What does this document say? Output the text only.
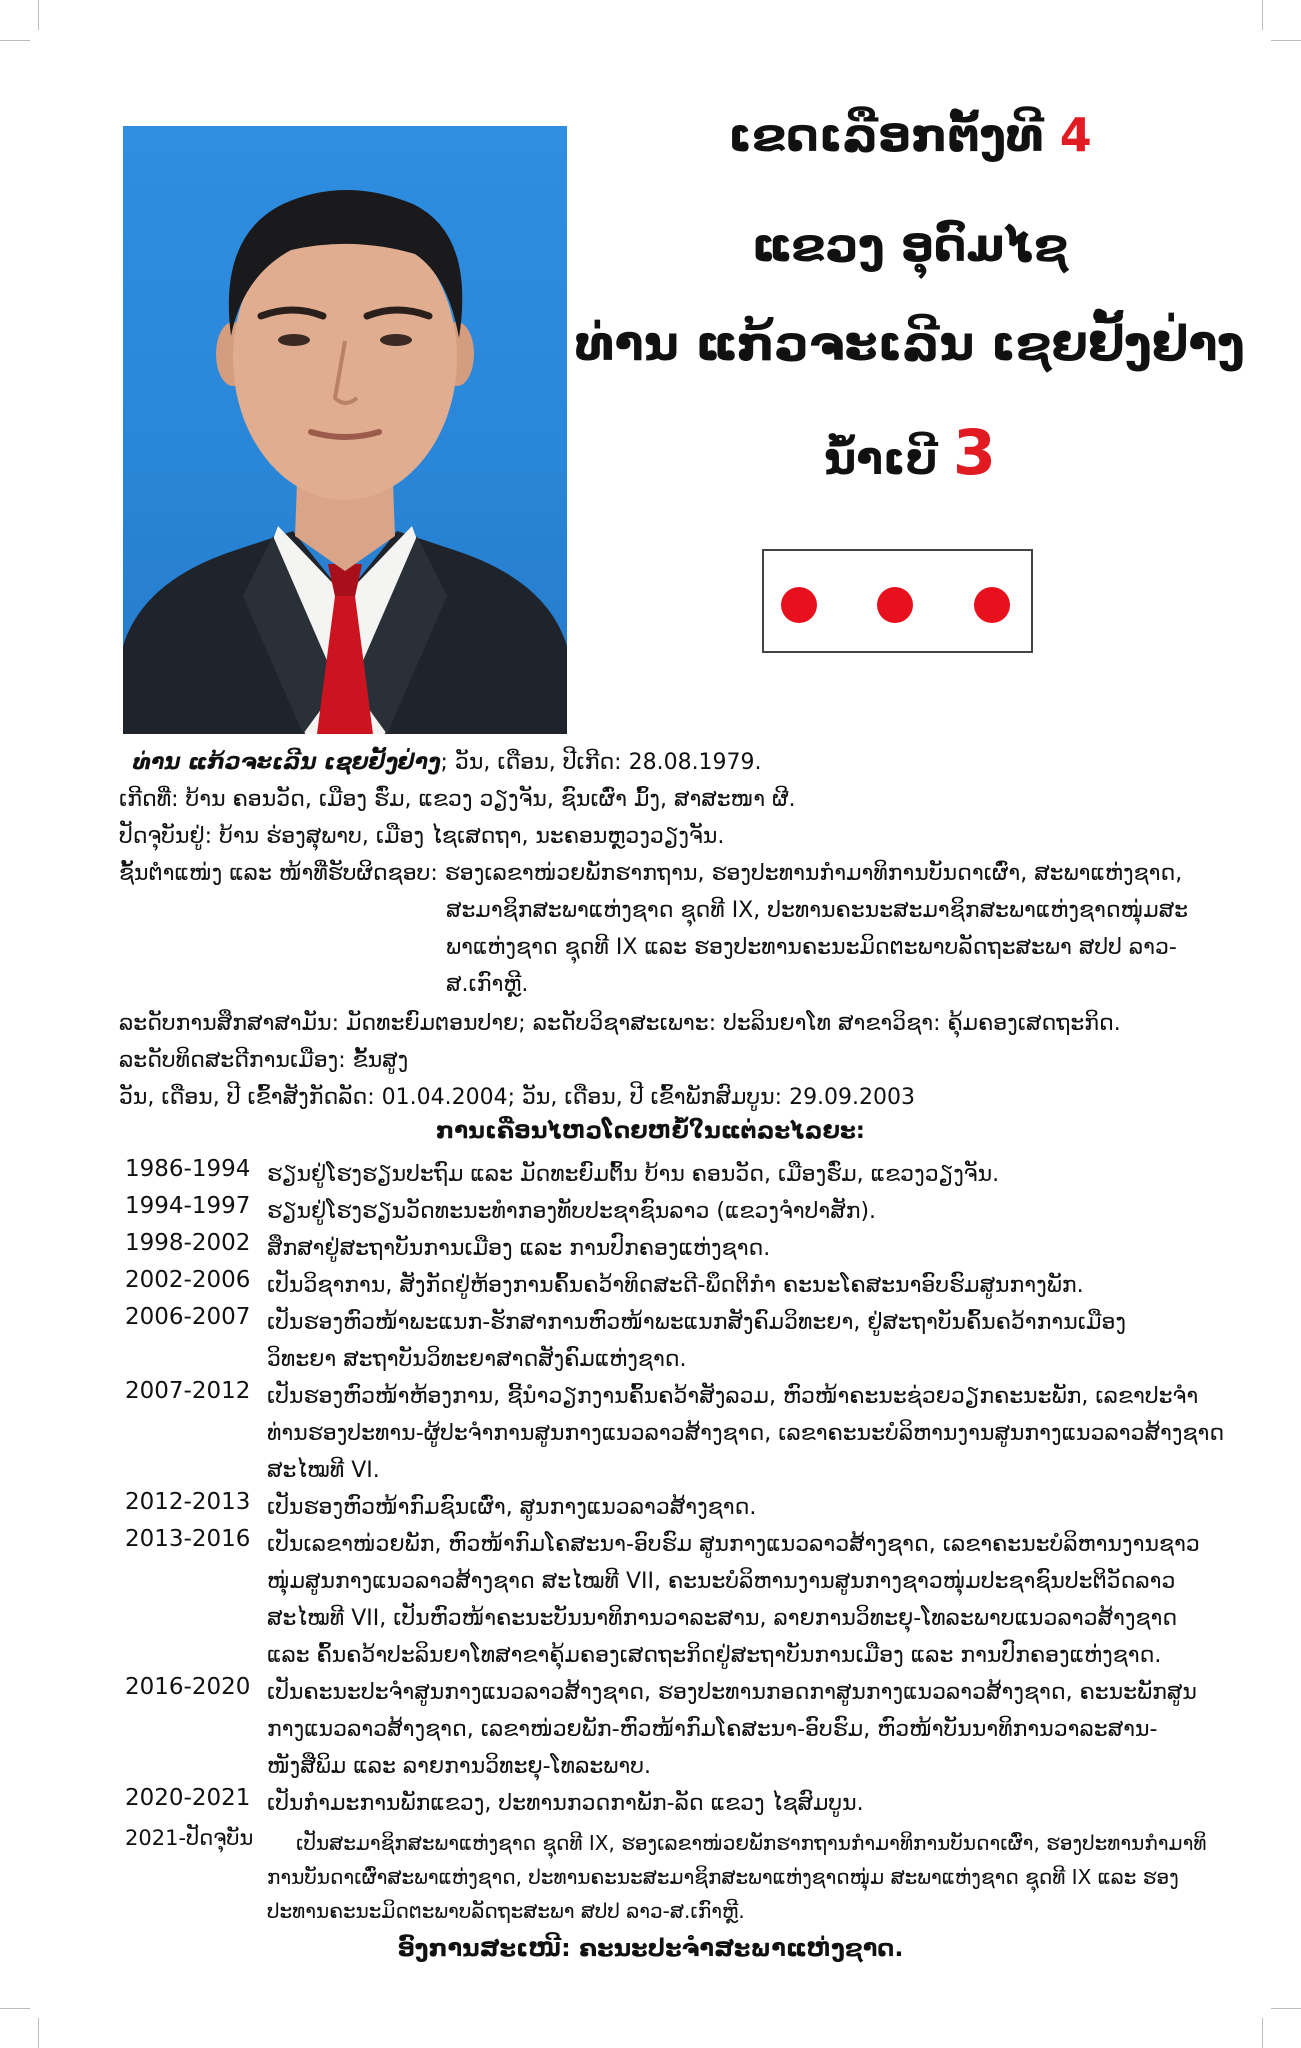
ເຂດເລືອກຕັ້ງທີ 4
ແຂວງ ອຸດົມໄຊ
ທ່ານ ແກ້ວຈະເລີນ ເຊຍຢັ້ງຢ່າງ
ນ້ຳເບີ 3
ທ່ານ ແກ້ວຈະເລີນ ເຊຍຢັ້ງຢ່າງ; ວັນ, ເດືອນ, ປີເກີດ: 28.08.1979.
ເກີດທີ່: ບ້ານ ຄອນວັດ, ເມືອງ ຮົ່ມ, ແຂວງ ວຽງຈັນ, ຊົນເຜົ່າ ມົ້ງ, ສາສະໜາ ຜີ.
ປັດຈຸບັນຢູ່: ບ້ານ ຮ່ອງສຸພາບ, ເມືອງ ໄຊເສດຖາ, ນະຄອນຫຼວງວຽງຈັນ.
ຊັ້ນຕຳແໜ່ງ ແລະ ໜ້າທີ່ຮັບຜິດຊອບ: ຮອງເລຂາໜ່ວຍພັກຮາກຖານ, ຮອງປະທານກຳມາທິການບັນດາເຜົ່າ, ສະພາແຫ່ງຊາດ,
ສະມາຊິກສະພາແຫ່ງຊາດ ຊຸດທີ IX, ປະທານຄະນະສະມາຊິກສະພາແຫ່ງຊາດໜຸ່ມສະ
ພາແຫ່ງຊາດ ຊຸດທີ IX ແລະ ຮອງປະທານຄະນະມິດຕະພາບລັດຖະສະພາ ສປປ ລາວ-
ສ.ເກົາຫຼີ.
ລະດັບການສຶກສາສາມັນ: ມັດທະຍົມຕອນປາຍ; ລະດັບວິຊາສະເພາະ: ປະລິນຍາໂທ ສາຂາວິຊາ: ຄຸ້ມຄອງເສດຖະກິດ.
ລະດັບທິດສະດີການເມືອງ: ຂັ້ນສູງ
ວັນ, ເດືອນ, ປີ ເຂົ້າສັງກັດລັດ: 01.04.2004; ວັນ, ເດືອນ, ປີ ເຂົ້າພັກສົມບູນ: 29.09.2003
ການເຄື່ອນໄຫວໂດຍຫຍໍ້ໃນແຕ່ລະໄລຍະ:
1986-1994 ຮຽນຢູ່ໂຮງຮຽນປະຖົມ ແລະ ມັດທະຍົມຕົ້ນ ບ້ານ ຄອນວັດ, ເມືອງຮົ່ມ, ແຂວງວຽງຈັນ.
1994-1997 ຮຽນຢູ່ໂຮງຮຽນວັດທະນະທຳກອງທັບປະຊາຊົນລາວ (ແຂວງຈຳປາສັກ).
1998-2002 ສຶກສາຢູ່ສະຖາບັນການເມືອງ ແລະ ການປົກຄອງແຫ່ງຊາດ.
2002-2006 ເປັນວິຊາການ, ສັງກັດຢູ່ຫ້ອງການຄົ້ນຄວ້າທິດສະດີ-ພຶດຕິກຳ ຄະນະໂຄສະນາອົບຮົມສູນກາງພັກ.
2006-2007 ເປັນຮອງຫົວໜ້າພະແນກ-ຮັກສາການຫົວໜ້າພະແນກສັງຄົມວິທະຍາ, ຢູ່ສະຖາບັນຄົ້ນຄວ້າການເມືອງ
ວິທະຍາ ສະຖາບັນວິທະຍາສາດສັງຄົມແຫ່ງຊາດ.
2007-2012 ເປັນຮອງຫົວໜ້າຫ້ອງການ, ຊີ້ນຳວຽກງານຄົ້ນຄວ້າສັງລວມ, ຫົວໜ້າຄະນະຊ່ວຍວຽກຄະນະພັກ, ເລຂາປະຈຳ
ທ່ານຮອງປະທານ-ຜູ້ປະຈຳການສູນກາງແນວລາວສ້າງຊາດ, ເລຂາຄະນະບໍລິຫານງານສູນກາງແນວລາວສ້າງຊາດ
ສະໄໝທີ VI.
2012-2013 ເປັນຮອງຫົວໜ້າກົມຊົນເຜົ່າ, ສູນກາງແນວລາວສ້າງຊາດ.
2013-2016 ເປັນເລຂາໜ່ວຍພັກ, ຫົວໜ້າກົມໂຄສະນາ-ອົບຮົມ ສູນກາງແນວລາວສ້າງຊາດ, ເລຂາຄະນະບໍລິຫານງານຊາວ
ໜຸ່ມສູນກາງແນວລາວສ້າງຊາດ ສະໄໝທີ VII, ຄະນະບໍລິຫານງານສູນກາງຊາວໜຸ່ມປະຊາຊົນປະຕິວັດລາວ
ສະໄໝທີ VII, ເປັນຫົວໜ້າຄະນະບັນນາທິການວາລະສານ, ລາຍການວິທະຍຸ-ໂທລະພາບແນວລາວສ້າງຊາດ
ແລະ ຄົ້ນຄວ້າປະລິນຍາໂທສາຂາຄຸ້ມຄອງເສດຖະກິດຢູ່ສະຖາບັນການເມືອງ ແລະ ການປົກຄອງແຫ່ງຊາດ.
2016-2020 ເປັນຄະນະປະຈຳສູນກາງແນວລາວສ້າງຊາດ, ຮອງປະທານກອດກາສູນກາງແນວລາວສ້າງຊາດ, ຄະນະພັກສູນ
ກາງແນວລາວສ້າງຊາດ, ເລຂາໜ່ວຍພັກ-ຫົວໜ້າກົມໂຄສະນາ-ອົບຮົມ, ຫົວໜ້າບັນນາທິການວາລະສານ-
ໜັງສືພິມ ແລະ ລາຍການວິທະຍຸ-ໂທລະພາບ.
2020-2021 ເປັນກຳມະການພັກແຂວງ, ປະທານກວດກາພັກ-ລັດ ແຂວງ ໄຊສົມບູນ.
2021-ປັດຈຸບັນ ເປັນສະມາຊິກສະພາແຫ່ງຊາດ ຊຸດທີ IX, ຮອງເລຂາໜ່ວຍພັກຮາກຖານກຳມາທິການບັນດາເຜົ່າ, ຮອງປະທານກຳມາທິ
ການບັນດາເຜົ່າສະພາແຫ່ງຊາດ, ປະທານຄະນະສະມາຊິກສະພາແຫ່ງຊາດໜຸ່ມ ສະພາແຫ່ງຊາດ ຊຸດທີ IX ແລະ ຮອງ
ປະທານຄະນະມິດຕະພາບລັດຖະສະພາ ສປປ ລາວ-ສ.ເກົາຫຼີ.
ອົງການສະເໜີ: ຄະນະປະຈຳສະພາແຫ່ງຊາດ.
